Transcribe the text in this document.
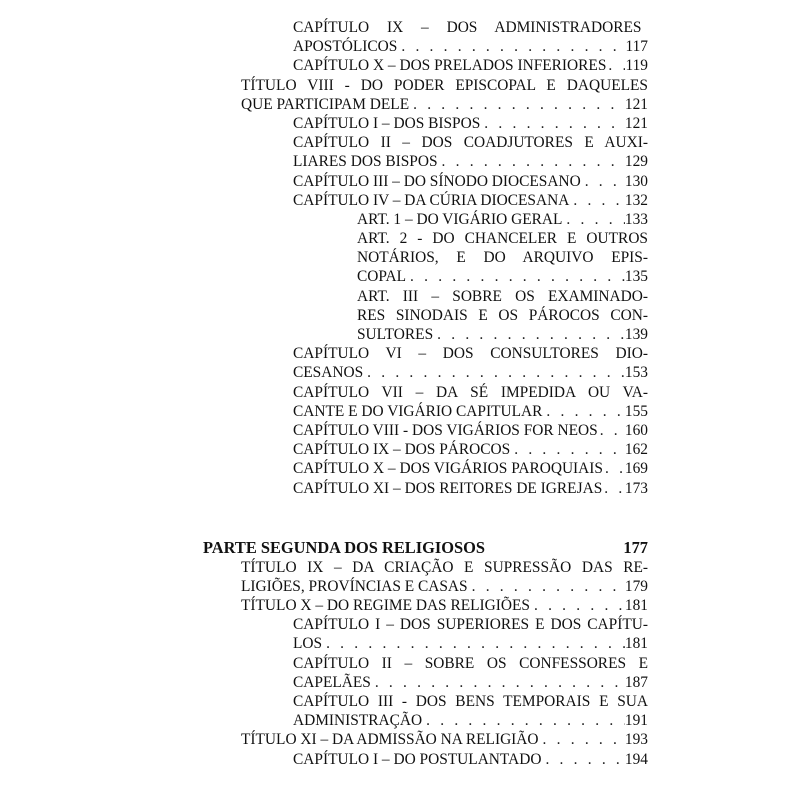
CAPÍTULO IX – DOS ADMINISTRADORES
APOSTÓLICOS . . .	117
CAPÍTULO X – DOS PRELADOS INFERIORES . . . 119
TÍTULO VIII - DO PODER EPISCOPAL E DAQUELES
QUE PARTICIPAM DELE . . .	121
CAPÍTULO I – DOS BISPOS . . .	121
CAPÍTULO II – DOS COADJUTORES E AUXI-
LIARES DOS BISPOS . . .	129
CAPÍTULO III – DO SÍNODO DIOCESANO . . .	130
CAPÍTULO IV – DA CÚRIA DIOCESANA . . .	132
ART. 1 – DO VIGÁRIO GERAL . . .	133
ART. 2 - DO CHANCELER E OUTROS
NOTÁRIOS, E DO ARQUIVO EPIS-
COPAL . . .	135
ART. III – SOBRE OS EXAMINADO-
RES SINODAIS E OS PÁROCOS CON-
SULTORES . . .	139
CAPÍTULO VI – DOS CONSULTORES DIO-
CESANOS . . .	153
CAPÍTULO VII – DA SÉ IMPEDIDA OU VA-
CANTE E DO VIGÁRIO CAPITULAR . . .	155
CAPÍTULO VIII - DOS VIGÁRIOS FOR NEOS . . . 160
CAPÍTULO IX – DOS PÁROCOS . . .	162
CAPÍTULO X – DOS VIGÁRIOS PAROQUIAIS . . . 169
CAPÍTULO XI – DOS REITORES DE IGREJAS . . . 173
PARTE SEGUNDA DOS RELIGIOSOS	177
TÍTULO IX – DA CRIAÇÃO E SUPRESSÃO DAS RE-
LIGIÕES, PROVÍNCIAS E CASAS . . .	179
TÍTULO X – DO REGIME DAS RELIGIÕES . . .	181
CAPÍTULO I – DOS SUPERIORES E DOS CAPÍTU-
LOS . . .	181
CAPÍTULO II – SOBRE OS CONFESSORES E
CAPELÃES . . .	187
CAPÍTULO III - DOS BENS TEMPORAIS E SUA
ADMINISTRAÇÃO . . .	191
TÍTULO XI – DA ADMISSÃO NA RELIGIÃO . . .	193
CAPÍTULO I – DO POSTULANTADO . . .	194
